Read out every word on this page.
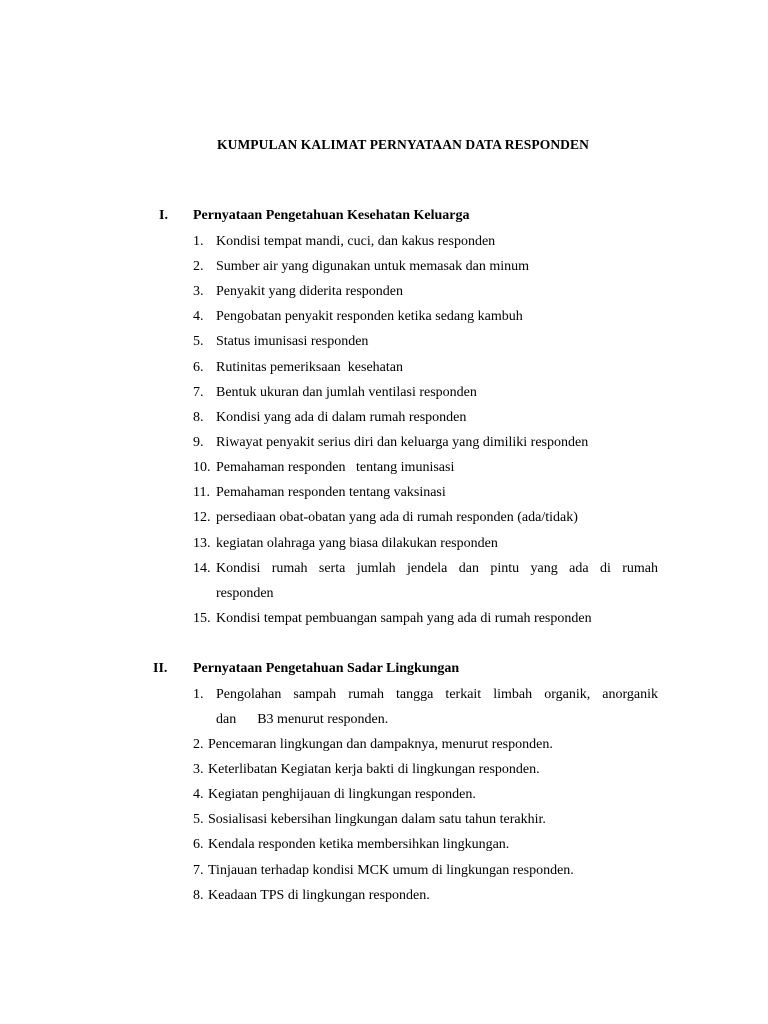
KUMPULAN KALIMAT PERNYATAAN DATA RESPONDEN
I. Pernyataan Pengetahuan Kesehatan Keluarga
1. Kondisi tempat mandi, cuci, dan kakus responden
2. Sumber air yang digunakan untuk memasak dan minum
3. Penyakit yang diderita responden
4. Pengobatan penyakit responden ketika sedang kambuh
5. Status imunisasi responden
6. Rutinitas pemeriksaan  kesehatan
7. Bentuk ukuran dan jumlah ventilasi responden
8. Kondisi yang ada di dalam rumah responden
9. Riwayat penyakit serius diri dan keluarga yang dimiliki responden
10. Pemahaman responden   tentang imunisasi
11. Pemahaman responden tentang vaksinasi
12. persediaan obat-obatan yang ada di rumah responden (ada/tidak)
13. kegiatan olahraga yang biasa dilakukan responden
14. Kondisi rumah serta jumlah jendela dan pintu yang ada di rumah
responden
15. Kondisi tempat pembuangan sampah yang ada di rumah responden
II. Pernyataan Pengetahuan Sadar Lingkungan
1. Pengolahan sampah rumah tangga terkait limbah organik, anorganik
dan      B3 menurut responden.
2. Pencemaran lingkungan dan dampaknya, menurut responden.
3. Keterlibatan Kegiatan kerja bakti di lingkungan responden.
4. Kegiatan penghijauan di lingkungan responden.
5. Sosialisasi kebersihan lingkungan dalam satu tahun terakhir.
6. Kendala responden ketika membersihkan lingkungan.
7. Tinjauan terhadap kondisi MCK umum di lingkungan responden.
8. Keadaan TPS di lingkungan responden.
